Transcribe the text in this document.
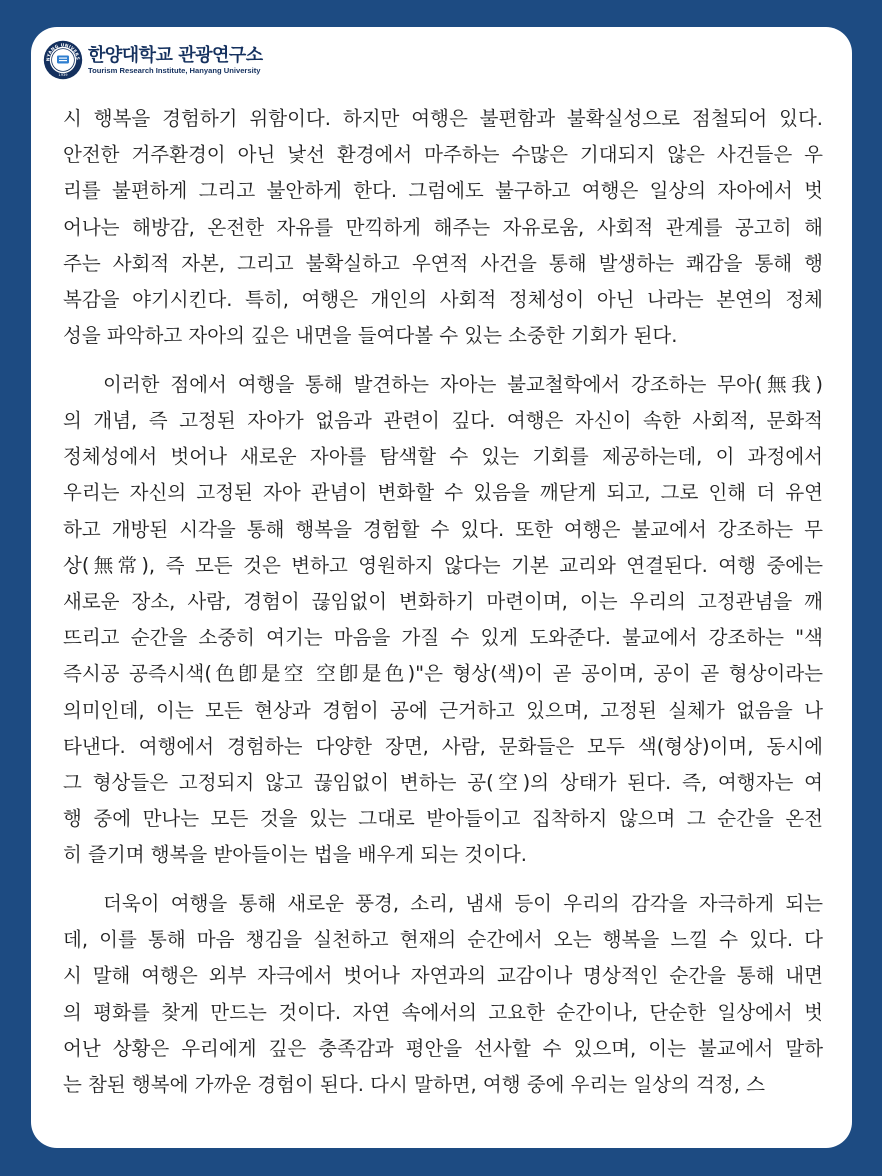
NYANG UNIVERS
1939
한양대학교 관광연구소
Tourism Research Institute, Hanyang University
시 행복을 경험하기 위함이다. 하지만 여행은 불편함과 불확실성으로 점철되어 있다.
안전한 거주환경이 아닌 낯선 환경에서 마주하는 수많은 기대되지 않은 사건들은 우
리를 불편하게 그리고 불안하게 한다. 그럼에도 불구하고 여행은 일상의 자아에서 벗
어나는 해방감, 온전한 자유를 만끽하게 해주는 자유로움, 사회적 관계를 공고히 해
주는 사회적 자본, 그리고 불확실하고 우연적 사건을 통해 발생하는 쾌감을 통해 행
복감을 야기시킨다. 특히, 여행은 개인의 사회적 정체성이 아닌 나라는 본연의 정체
성을 파악하고 자아의 깊은 내면을 들여다볼 수 있는 소중한 기회가 된다.
이러한 점에서 여행을 통해 발견하는 자아는 불교철학에서 강조하는 무아(無我)
의 개념, 즉 고정된 자아가 없음과 관련이 깊다. 여행은 자신이 속한 사회적, 문화적
정체성에서 벗어나 새로운 자아를 탐색할 수 있는 기회를 제공하는데, 이 과정에서
우리는 자신의 고정된 자아 관념이 변화할 수 있음을 깨닫게 되고, 그로 인해 더 유연
하고 개방된 시각을 통해 행복을 경험할 수 있다. 또한 여행은 불교에서 강조하는 무
상(無常), 즉 모든 것은 변하고 영원하지 않다는 기본 교리와 연결된다. 여행 중에는
새로운 장소, 사람, 경험이 끊임없이 변화하기 마련이며, 이는 우리의 고정관념을 깨
뜨리고 순간을 소중히 여기는 마음을 가질 수 있게 도와준다. 불교에서 강조하는 "색
즉시공 공즉시색(色卽是空 空卽是色)"은 형상(색)이 곧 공이며, 공이 곧 형상이라는
의미인데, 이는 모든 현상과 경험이 공에 근거하고 있으며, 고정된 실체가 없음을 나
타낸다. 여행에서 경험하는 다양한 장면, 사람, 문화들은 모두 색(형상)이며, 동시에
그 형상들은 고정되지 않고 끊임없이 변하는 공(空)의 상태가 된다. 즉, 여행자는 여
행 중에 만나는 모든 것을 있는 그대로 받아들이고 집착하지 않으며 그 순간을 온전
히 즐기며 행복을 받아들이는 법을 배우게 되는 것이다.
더욱이 여행을 통해 새로운 풍경, 소리, 냄새 등이 우리의 감각을 자극하게 되는
데, 이를 통해 마음 챙김을 실천하고 현재의 순간에서 오는 행복을 느낄 수 있다. 다
시 말해 여행은 외부 자극에서 벗어나 자연과의 교감이나 명상적인 순간을 통해 내면
의 평화를 찾게 만드는 것이다. 자연 속에서의 고요한 순간이나, 단순한 일상에서 벗
어난 상황은 우리에게 깊은 충족감과 평안을 선사할 수 있으며, 이는 불교에서 말하
는 참된 행복에 가까운 경험이 된다. 다시 말하면, 여행 중에 우리는 일상의 걱정, 스
